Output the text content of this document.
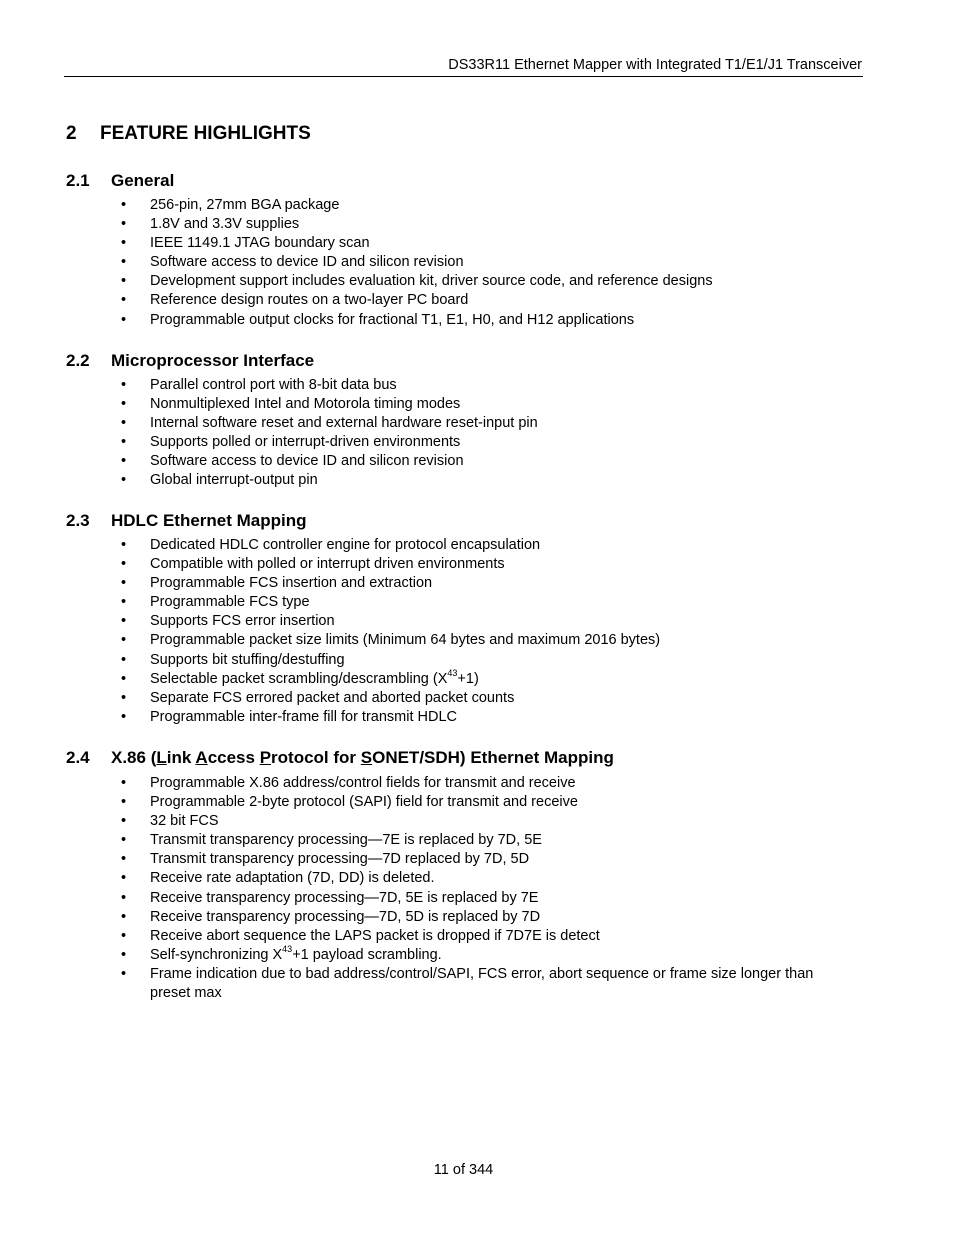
DS33R11 Ethernet Mapper with Integrated T1/E1/J1 Transceiver
2 FEATURE HIGHLIGHTS
2.1 General
• 256-pin, 27mm BGA package
• 1.8V and 3.3V supplies
• IEEE 1149.1 JTAG boundary scan
• Software access to device ID and silicon revision
• Development support includes evaluation kit, driver source code, and reference designs
• Reference design routes on a two-layer PC board
• Programmable output clocks for fractional T1, E1, H0, and H12 applications
2.2 Microprocessor Interface
• Parallel control port with 8-bit data bus
• Nonmultiplexed Intel and Motorola timing modes
• Internal software reset and external hardware reset-input pin
• Supports polled or interrupt-driven environments
• Software access to device ID and silicon revision
• Global interrupt-output pin
2.3 HDLC Ethernet Mapping
• Dedicated HDLC controller engine for protocol encapsulation
• Compatible with polled or interrupt driven environments
• Programmable FCS insertion and extraction
• Programmable FCS type
• Supports FCS error insertion
• Programmable packet size limits (Minimum 64 bytes and maximum 2016 bytes)
• Supports bit stuffing/destuffing
• Selectable packet scrambling/descrambling $(X^{43}+1)$
• Separate FCS errored packet and aborted packet counts
• Programmable inter-frame fill for transmit HDLC
2.4 X.86 (Link Access Protocol for SONET/SDH) Ethernet Mapping
• Programmable X.86 address/control fields for transmit and receive
• Programmable 2-byte protocol (SAPI) field for transmit and receive
• 32 bit FCS
• Transmit transparency processing—7E is replaced by 7D, 5E
• Transmit transparency processing—7D replaced by 7D, 5D
• Receive rate adaptation (7D, DD) is deleted.
• Receive transparency processing—7D, 5E is replaced by 7E
• Receive transparency processing—7D, 5D is replaced by 7D
• Receive abort sequence the LAPS packet is dropped if 7D7E is detect
• Self-synchronizing $X^{43}+1$ payload scrambling.
• Frame indication due to bad address/control/SAPI, FCS error, abort sequence or frame size longer than preset max
11 of 344
